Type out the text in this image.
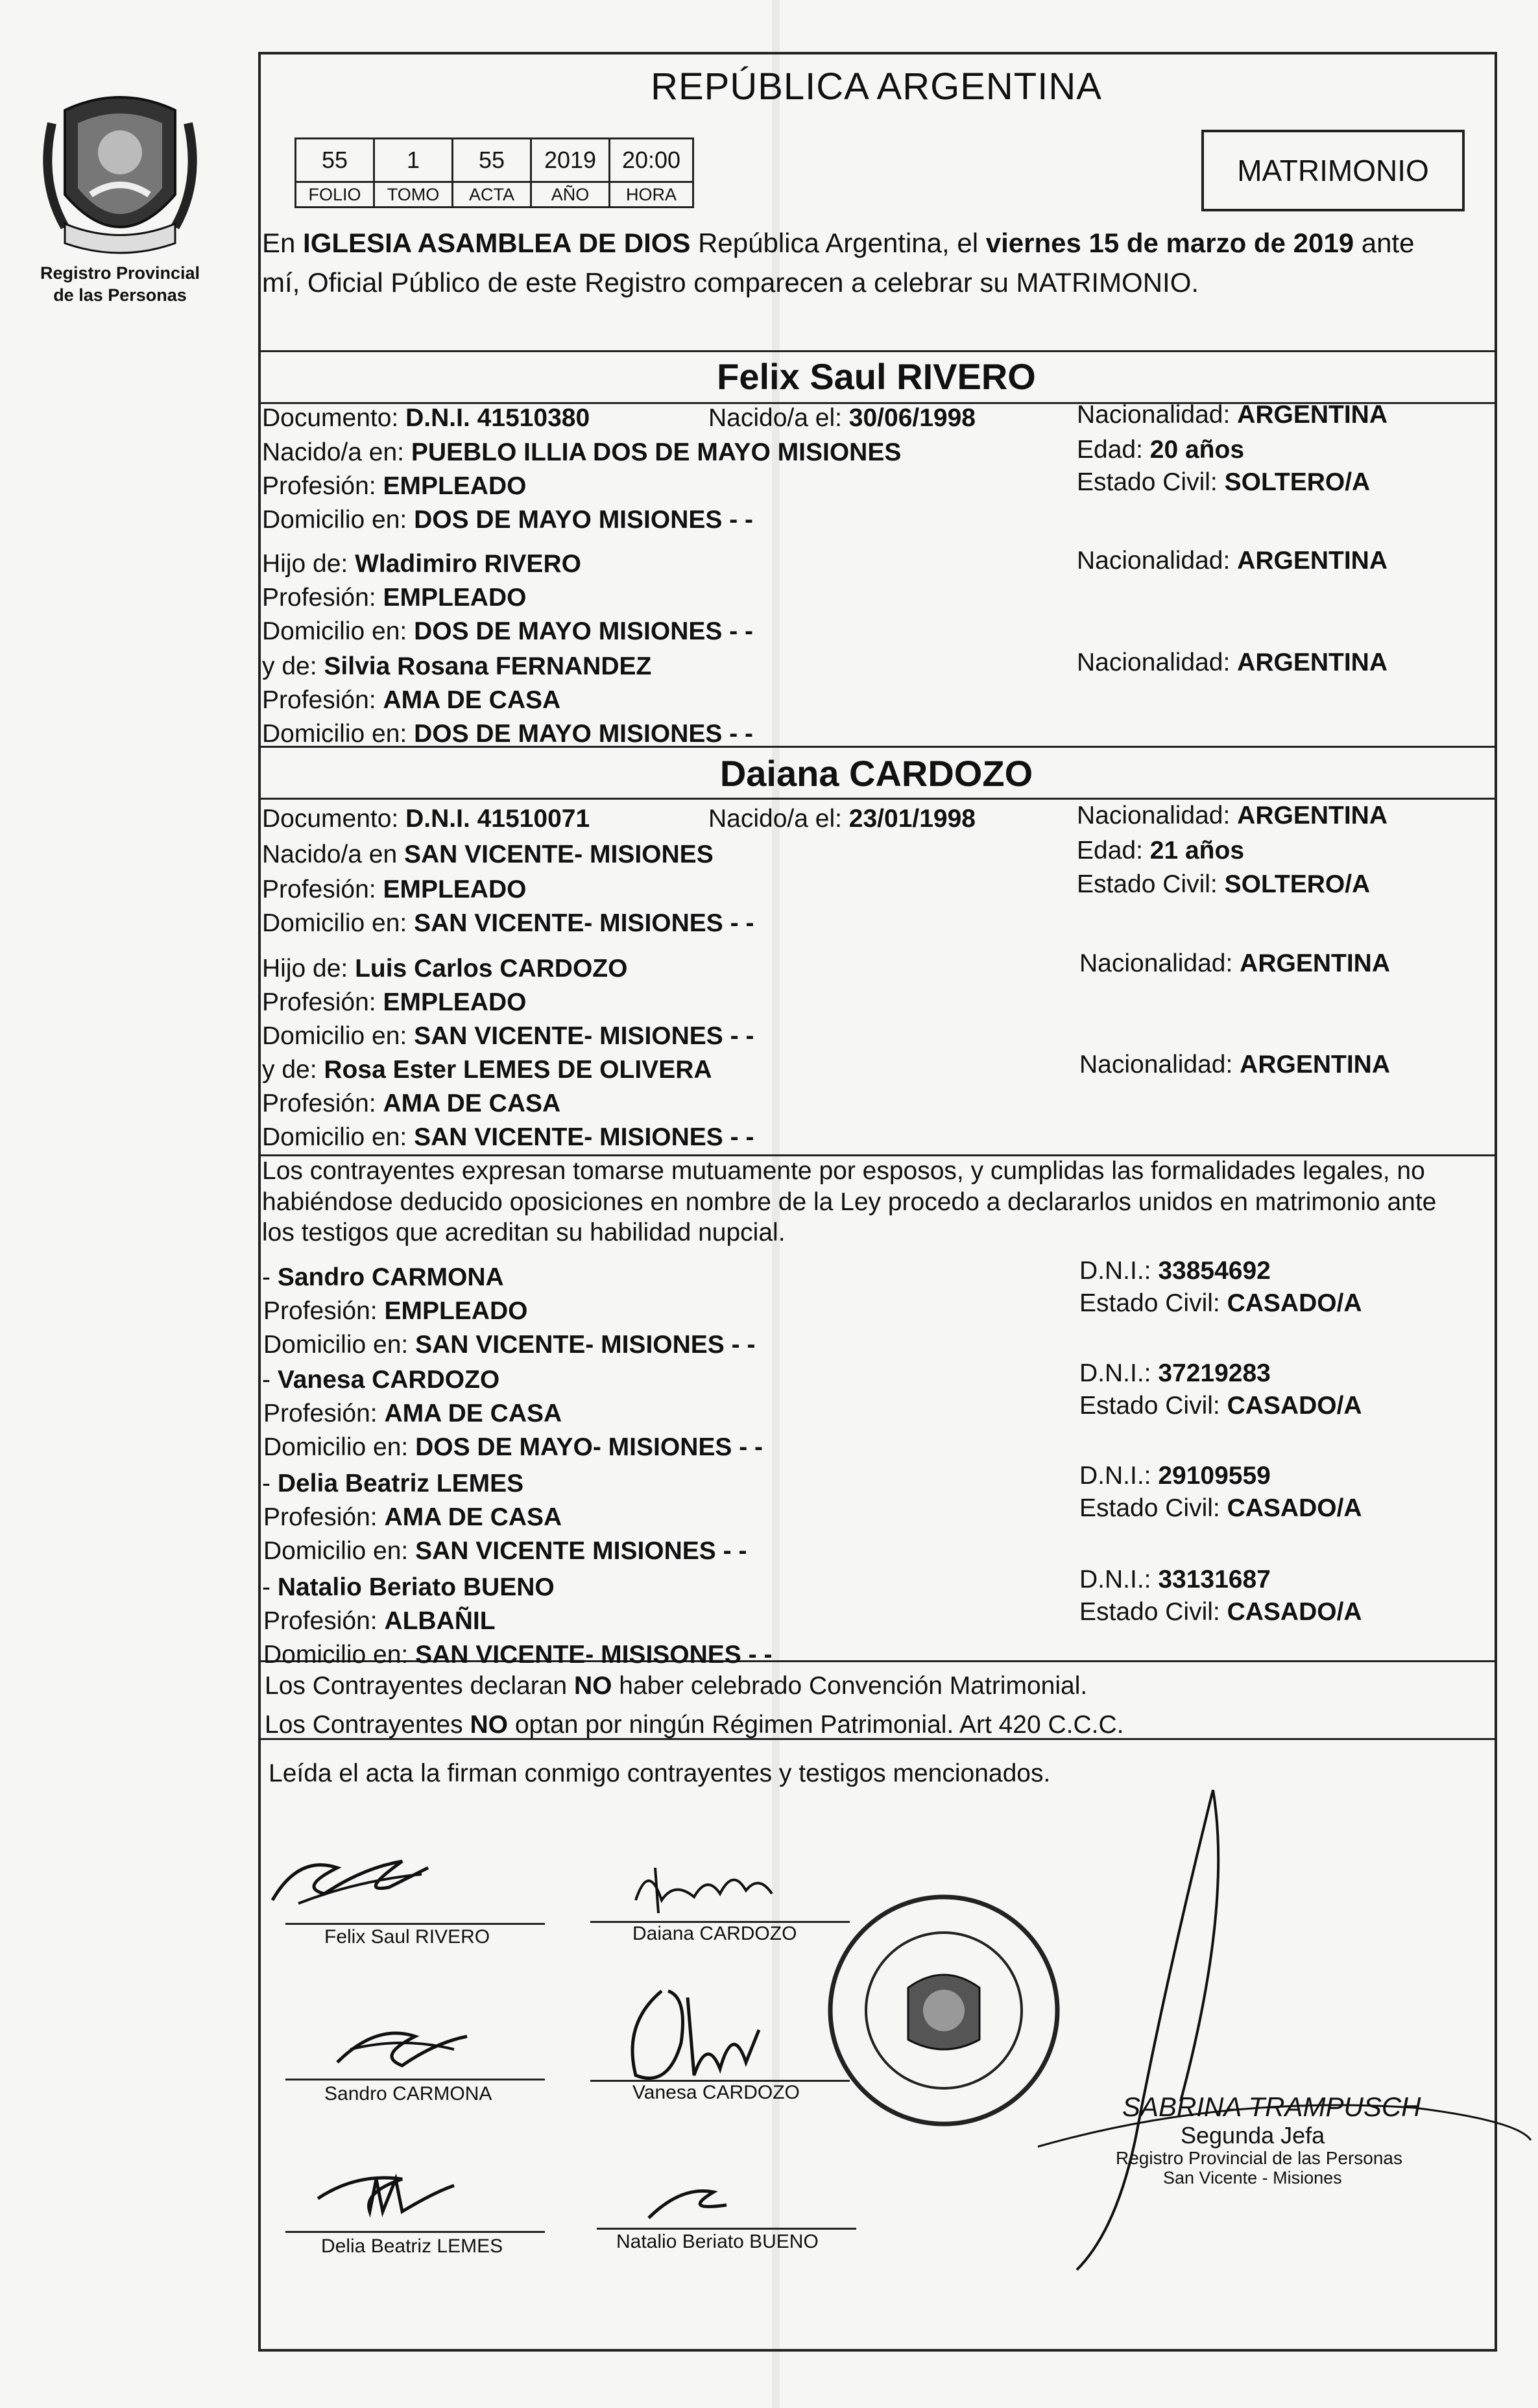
Registro Provincial
de las Personas
REPÚBLICA ARGENTINA
55	1	55	2019	20:00
FOLIO	TOMO	ACTA	AÑO	HORA
MATRIMONIO
En IGLESIA ASAMBLEA DE DIOS República Argentina, el viernes 15 de marzo de 2019 ante
mí, Oficial Público de este Registro comparecen a celebrar su MATRIMONIO.
Felix Saul RIVERO
Documento: D.N.I. 41510380	Nacido/a el: 30/06/1998	Nacionalidad: ARGENTINA
Nacido/a en: PUEBLO ILLIA DOS DE MAYO MISIONES	Edad: 20 años
Profesión: EMPLEADO	Estado Civil: SOLTERO/A
Domicilio en: DOS DE MAYO MISIONES - -
Hijo de: Wladimiro RIVERO	Nacionalidad: ARGENTINA
Profesión: EMPLEADO
Domicilio en: DOS DE MAYO MISIONES - -
y de: Silvia Rosana FERNANDEZ	Nacionalidad: ARGENTINA
Profesión: AMA DE CASA
Domicilio en: DOS DE MAYO MISIONES - -
Daiana CARDOZO
Documento: D.N.I. 41510071	Nacido/a el: 23/01/1998	Nacionalidad: ARGENTINA
Nacido/a en SAN VICENTE- MISIONES	Edad: 21 años
Profesión: EMPLEADO	Estado Civil: SOLTERO/A
Domicilio en: SAN VICENTE- MISIONES - -
Hijo de: Luis Carlos CARDOZO	Nacionalidad: ARGENTINA
Profesión: EMPLEADO
Domicilio en: SAN VICENTE- MISIONES - -
y de: Rosa Ester LEMES DE OLIVERA	Nacionalidad: ARGENTINA
Profesión: AMA DE CASA
Domicilio en: SAN VICENTE- MISIONES - -
Los contrayentes expresan tomarse mutuamente por esposos, y cumplidas las formalidades legales, no
habiéndose deducido oposiciones en nombre de la Ley procedo a declararlos unidos en matrimonio ante
los testigos que acreditan su habilidad nupcial.
- Sandro CARMONA
Profesión: EMPLEADO
Domicilio en: SAN VICENTE- MISIONES - -
D.N.I.: 33854692
Estado Civil: CASADO/A
- Vanesa CARDOZO
Profesión: AMA DE CASA
Domicilio en: DOS DE MAYO- MISIONES - -
D.N.I.: 37219283
Estado Civil: CASADO/A
- Delia Beatriz LEMES
Profesión: AMA DE CASA
Domicilio en: SAN VICENTE MISIONES - -
D.N.I.: 29109559
Estado Civil: CASADO/A
- Natalio Beriato BUENO
Profesión: ALBAÑIL
Domicilio en: SAN VICENTE- MISISONES - -
D.N.I.: 33131687
Estado Civil: CASADO/A
Los Contrayentes declaran NO haber celebrado Convención Matrimonial.
Los Contrayentes NO optan por ningún Régimen Patrimonial. Art 420 C.C.C.
Leída el acta la firman conmigo contrayentes y testigos mencionados.
Felix Saul RIVERO	Daiana CARDOZO
Sandro CARMONA	Vanesa CARDOZO
Delia Beatriz LEMES	Natalio Beriato BUENO
SABRINA TRAMPUSCH
Segunda Jefa
Registro Provincial de las Personas
San Vicente - Misiones
